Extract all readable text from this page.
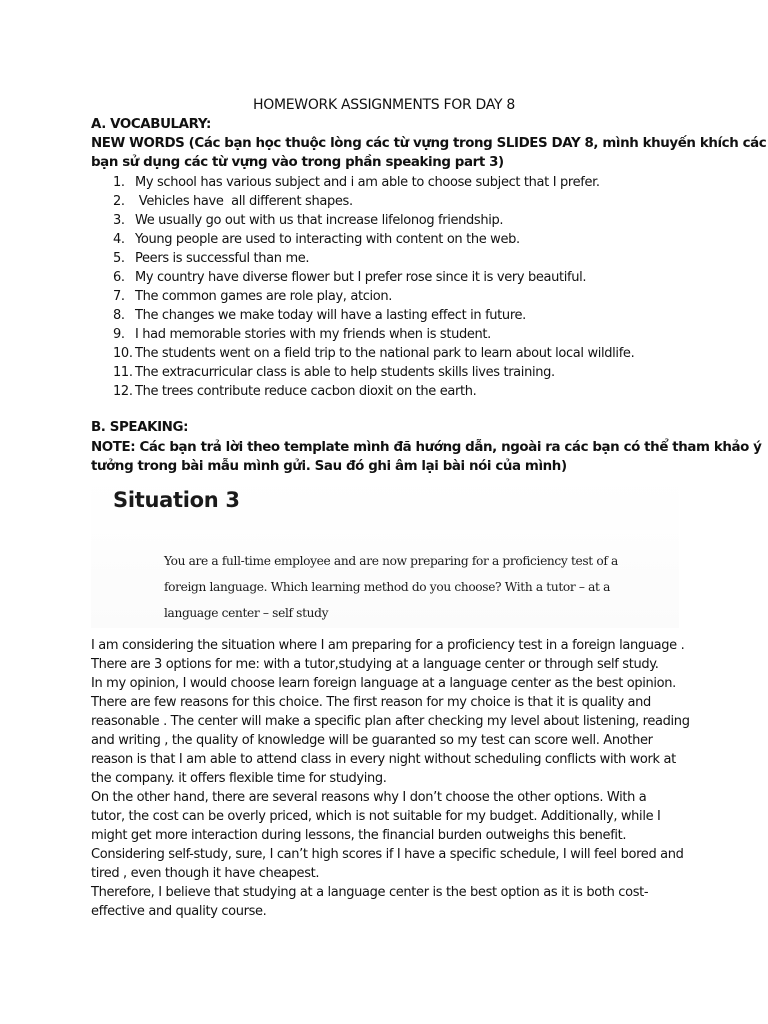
HOMEWORK ASSIGNMENTS FOR DAY 8
A. VOCABULARY:
NEW WORDS (Các bạn học thuộc lòng các từ vựng trong SLIDES DAY 8, mình khuyến khích các
bạn sử dụng các từ vựng vào trong phần speaking part 3)
1. My school has various subject and i am able to choose subject that I prefer.
2. Vehicles have  all different shapes.
3. We usually go out with us that increase lifelonog friendship.
4. Young people are used to interacting with content on the web.
5. Peers is successful than me.
6. My country have diverse flower but I prefer rose since it is very beautiful.
7. The common games are role play, atcion.
8. The changes we make today will have a lasting effect in future.
9. I had memorable stories with my friends when is student.
10. The students went on a field trip to the national park to learn about local wildlife.
11. The extracurricular class is able to help students skills lives training.
12. The trees contribute reduce cacbon dioxit on the earth.
B. SPEAKING:
NOTE: Các bạn trả lời theo template mình đã hướng dẫn, ngoài ra các bạn có thể tham khảo ý
tưởng trong bài mẫu mình gửi. Sau đó ghi âm lại bài nói của mình)
Situation 3
You are a full-time employee and are now preparing for a proficiency test of a
foreign language. Which learning method do you choose? With a tutor – at a
language center – self study
I am considering the situation where I am preparing for a proficiency test in a foreign language .
There are 3 options for me: with a tutor,studying at a language center or through self study.
In my opinion, I would choose learn foreign language at a language center as the best opinion.
There are few reasons for this choice. The first reason for my choice is that it is quality and
reasonable . The center will make a specific plan after checking my level about listening, reading
and writing , the quality of knowledge will be guaranted so my test can score well. Another
reason is that I am able to attend class in every night without scheduling conflicts with work at
the company. it offers flexible time for studying.
On the other hand, there are several reasons why I don’t choose the other options. With a
tutor, the cost can be overly priced, which is not suitable for my budget. Additionally, while I
might get more interaction during lessons, the financial burden outweighs this benefit.
Considering self-study, sure, I can’t high scores if I have a specific schedule, I will feel bored and
tired , even though it have cheapest.
Therefore, I believe that studying at a language center is the best option as it is both cost-
effective and quality course.
